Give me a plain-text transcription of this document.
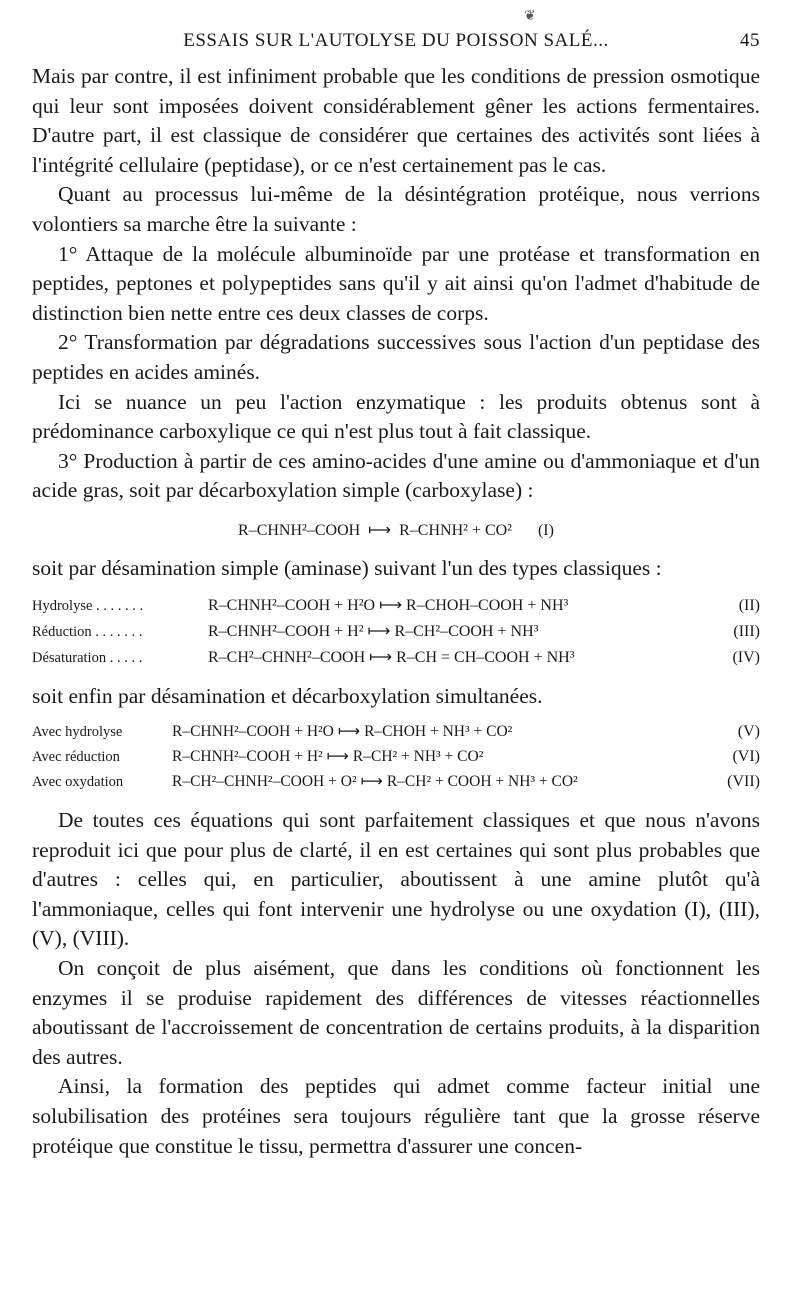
❦
ESSAIS SUR L'AUTOLYSE DU POISSON SALÉ...	45

Mais par contre, il est infiniment probable que les conditions de pression osmotique qui leur sont imposées doivent considérablement gêner les actions fermentaires. D'autre part, il est classique de considérer que certaines des activités sont liées à l'intégrité cellulaire (peptidase), or ce n'est certainement pas le cas.

Quant au processus lui-même de la désintégration protéique, nous verrions volontiers sa marche être la suivante :

1° Attaque de la molécule albuminoïde par une protéase et transformation en peptides, peptones et polypeptides sans qu'il y ait ainsi qu'on l'admet d'habitude de distinction bien nette entre ces deux classes de corps.

2° Transformation par dégradations successives sous l'action d'un peptidase des peptides en acides aminés.

Ici se nuance un peu l'action enzymatique : les produits obtenus sont à prédominance carboxylique ce qui n'est plus tout à fait classique.

3° Production à partir de ces amino-acides d'une amine ou d'ammoniaque et d'un acide gras, soit par décarboxylation simple (carboxylase) :

R–CHNH²–COOH ⟼ R–CHNH² + CO² (I)

soit par désamination simple (aminase) suivant l'un des types classiques :

Hydrolyse . . . . . . .	R–CHNH²–COOH + H²O ⟼ R–CHOH–COOH + NH³	(II)
Réduction . . . . . . .	R–CHNH²–COOH + H² ⟼ R–CH²–COOH + NH³	(III)
Désaturation . . . . .	R–CH²–CHNH²–COOH ⟼ R–CH = CH–COOH + NH³	(IV)

soit enfin par désamination et décarboxylation simultanées.

Avec hydrolyse	R–CHNH²–COOH + H²O ⟼ R–CHOH + NH³ + CO²	(V)
Avec réduction	R–CHNH²–COOH + H² ⟼ R–CH² + NH³ + CO²	(VI)
Avec oxydation	R–CH²–CHNH²–COOH + O² ⟼ R–CH² + COOH + NH³ + CO²	(VII)

De toutes ces équations qui sont parfaitement classiques et que nous n'avons reproduit ici que pour plus de clarté, il en est certaines qui sont plus probables que d'autres : celles qui, en particulier, aboutissent à une amine plutôt qu'à l'ammoniaque, celles qui font intervenir une hydrolyse ou une oxydation (I), (III), (V), (VIII).

On conçoit de plus aisément, que dans les conditions où fonctionnent les enzymes il se produise rapidement des différences de vitesses réactionnelles aboutissant de l'accroissement de concentration de certains produits, à la disparition des autres.

Ainsi, la formation des peptides qui admet comme facteur initial une solubilisation des protéines sera toujours régulière tant que la grosse réserve protéique que constitue le tissu, permettra d'assurer une concen-
